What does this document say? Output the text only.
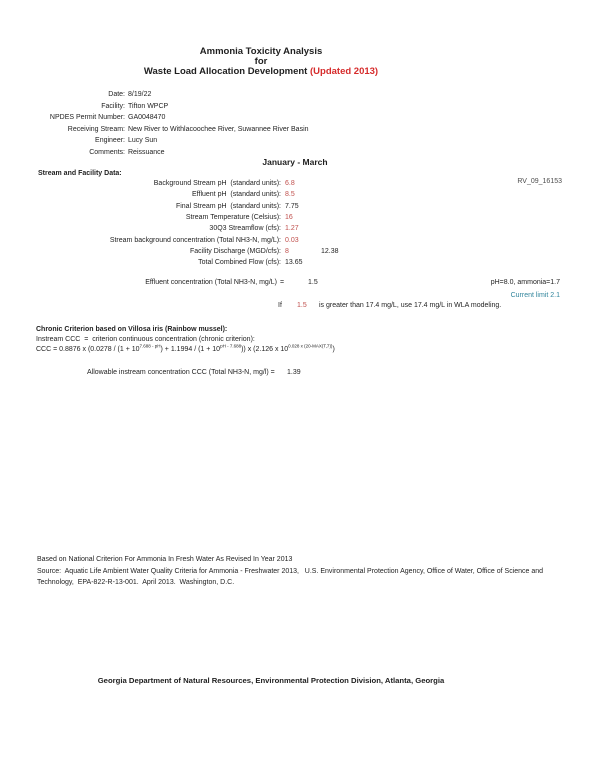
Ammonia Toxicity Analysis
for
Waste Load Allocation Development (Updated 2013)
Date: 8/19/22
Facility: Tifton WPCP
NPDES Permit Number: GA0048470
Receiving Stream: New River to Withlacoochee River, Suwannee River Basin
Engineer: Lucy Sun
Comments: Reissuance
January - March
Stream and Facility Data:
RV_09_16153
Background Stream pH  (standard units): 6.8
Effluent pH  (standard units): 8.5
Final Stream pH  (standard units): 7.75
Stream Temperature (Celsius): 16
30Q3 Streamflow (cfs): 1.27
Stream background concentration (Total NH3-N, mg/L): 0.03
Facility Discharge (MGD/cfs): 8	12.38
Total Combined Flow (cfs): 13.65
Effluent concentration (Total NH3-N, mg/L) =	1.5	pH=8.0, ammonia=1.7
Current limit 2.1
If 1.5 is greater than 17.4 mg/L, use 17.4 mg/L in WLA modeling.
Chronic Criterion based on Villosa iris (Rainbow mussel):
Instream CCC  =  criterion continuous concentration (chronic criterion):
CCC = 0.8876 x $(0.0278 / (1 + 10^{7.688 - pH}) + 1.1994 / (1 + 10^{pH - 7.688}))$ x (2.126 x $10^{0.028 x (20-MAX(T,7))}$)
Allowable instream concentration CCC (Total NH3-N, mg/l) = 1.39
Based on National Criterion For Ammonia In Fresh Water As Revised In Year 2013
Source:  Aquatic Life Ambient Water Quality Criteria for Ammonia - Freshwater 2013,   U.S. Environmental Protection Agency, Office of Water, Office of Science and
Technology,  EPA-822-R-13-001.  April 2013.  Washington, D.C.
Georgia Department of Natural Resources, Environmental Protection Division, Atlanta, Georgia
